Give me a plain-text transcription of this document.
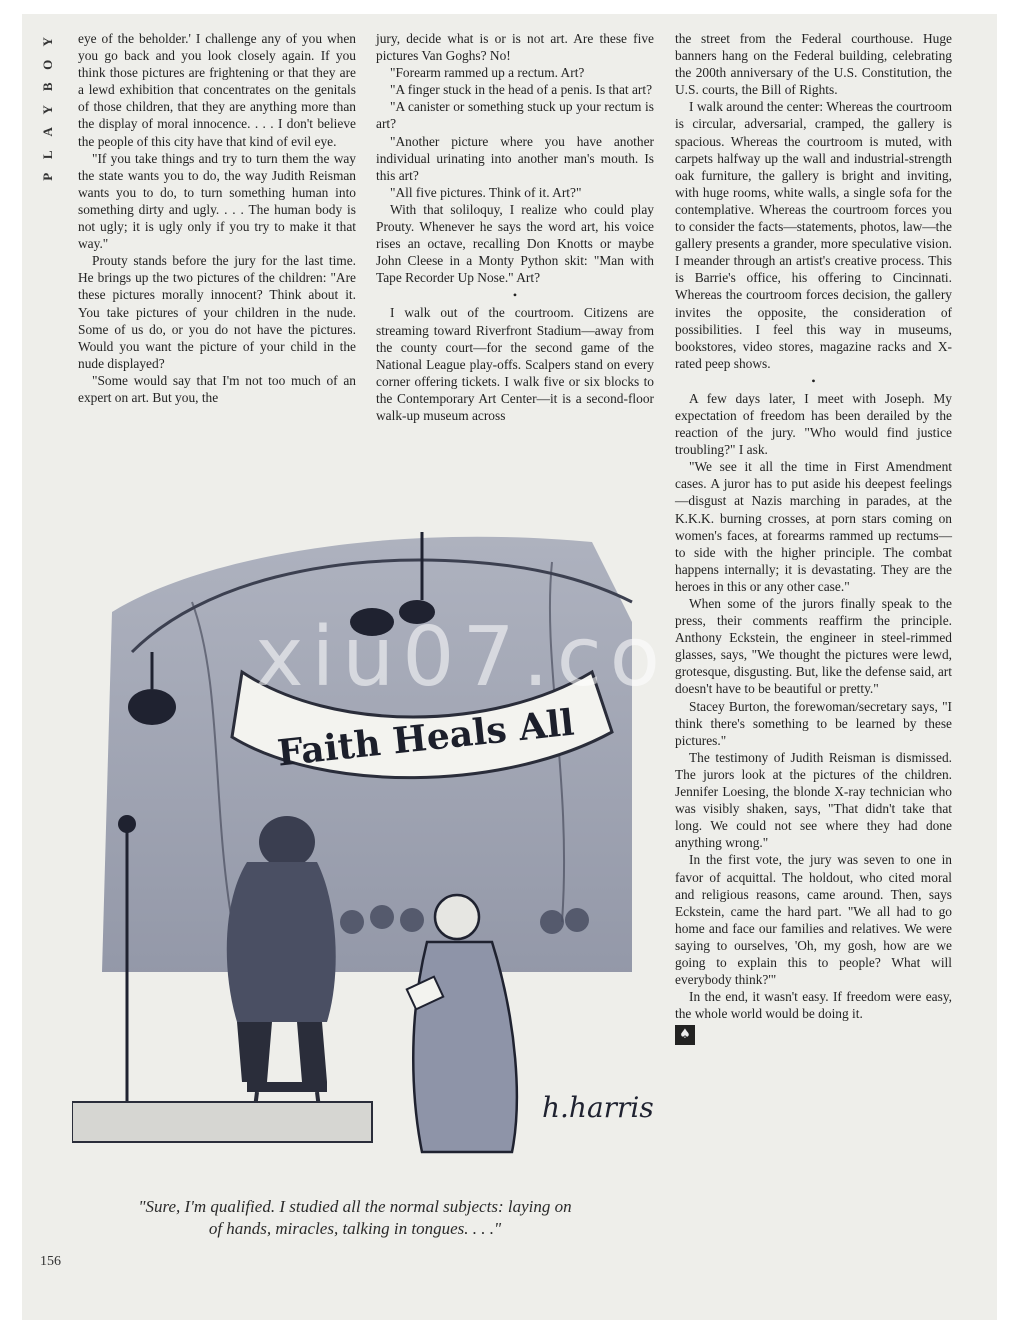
Y
O
B
Y
A
L
P

eye of the beholder.' I challenge any of you when you go back and you look closely again. If you think those pictures are frightening or that they are a lewd exhibition that concentrates on the genitals of those children, that they are anything more than the display of moral innocence. . . . I don't believe the people of this city have that kind of evil eye.

"If you take things and try to turn them the way the state wants you to do, the way Judith Reisman wants you to do, to turn something human into something dirty and ugly. . . . The human body is not ugly; it is ugly only if you try to make it that way."

Prouty stands before the jury for the last time. He brings up the two pictures of the children: "Are these pictures morally innocent? Think about it. You take pictures of your children in the nude. Some of us do, or you do not have the pictures. Would you want the picture of your child in the nude displayed?

"Some would say that I'm not too much of an expert on art. But you, the

jury, decide what is or is not art. Are these five pictures Van Goghs? No!

"Forearm rammed up a rectum. Art?

"A finger stuck in the head of a penis. Is that art?

"A canister or something stuck up your rectum is art?

"Another picture where you have another individual urinating into another man's mouth. Is this art?

"All five pictures. Think of it. Art?"

With that soliloquy, I realize who could play Prouty. Whenever he says the word art, his voice rises an octave, recalling Don Knotts or maybe John Cleese in a Monty Python skit: "Man with Tape Recorder Up Nose." Art?

•

I walk out of the courtroom. Citizens are streaming toward Riverfront Stadium—away from the county court—for the second game of the National League play-offs. Scalpers stand on every corner offering tickets. I walk five or six blocks to the Contemporary Art Center—it is a second-floor walk-up museum across

the street from the Federal courthouse. Huge banners hang on the Federal building, celebrating the 200th anniversary of the U.S. Constitution, the U.S. courts, the Bill of Rights.

I walk around the center: Whereas the courtroom is circular, adversarial, cramped, the gallery is spacious. Whereas the courtroom is muted, with carpets halfway up the wall and industrial-strength oak furniture, the gallery is bright and inviting, with huge rooms, white walls, a single sofa for the contemplative. Whereas the courtroom forces you to consider the facts—statements, photos, law—the gallery presents a grander, more speculative vision. I meander through an artist's creative process. This is Barrie's office, his offering to Cincinnati. Whereas the courtroom forces decision, the gallery invites the opposite, the consideration of possibilities. I feel this way in museums, bookstores, video stores, magazine racks and X-rated peep shows.

•

A few days later, I meet with Joseph. My expectation of freedom has been derailed by the reaction of the jury. "Who would find justice troubling?" I ask.

"We see it all the time in First Amendment cases. A juror has to put aside his deepest feelings—disgust at Nazis marching in parades, at the K.K.K. burning crosses, at porn stars coming on women's faces, at forearms rammed up rectums—to side with the higher principle. The combat happens internally; it is devastating. They are the heroes in this or any other case."

When some of the jurors finally speak to the press, their comments reaffirm the principle. Anthony Eckstein, the engineer in steel-rimmed glasses, says, "We thought the pictures were lewd, grotesque, disgusting. But, like the defense said, art doesn't have to be beautiful or pretty."

Stacey Burton, the forewoman/secretary says, "I think there's something to be learned by these pictures."

The testimony of Judith Reisman is dismissed. The jurors look at the pictures of the children. Jennifer Loesing, the blonde X-ray technician who was visibly shaken, says, "That didn't take that long. We could not see where they had done anything wrong."

In the first vote, the jury was seven to one in favor of acquittal. The holdout, who cited moral and religious reasons, came around. Then, says Eckstein, came the hard part. "We all had to go home and face our families and relatives. We were saying to ourselves, 'Oh, my gosh, how are we going to explain this to people? What will everybody think?'"

In the end, it wasn't easy. If freedom were easy, the whole world would be doing it.

♠
Faith Heals All
h.harris
xiu07.co
"Sure, I'm qualified. I studied all the normal subjects: laying on of hands, miracles, talking in tongues. . . ."
156
